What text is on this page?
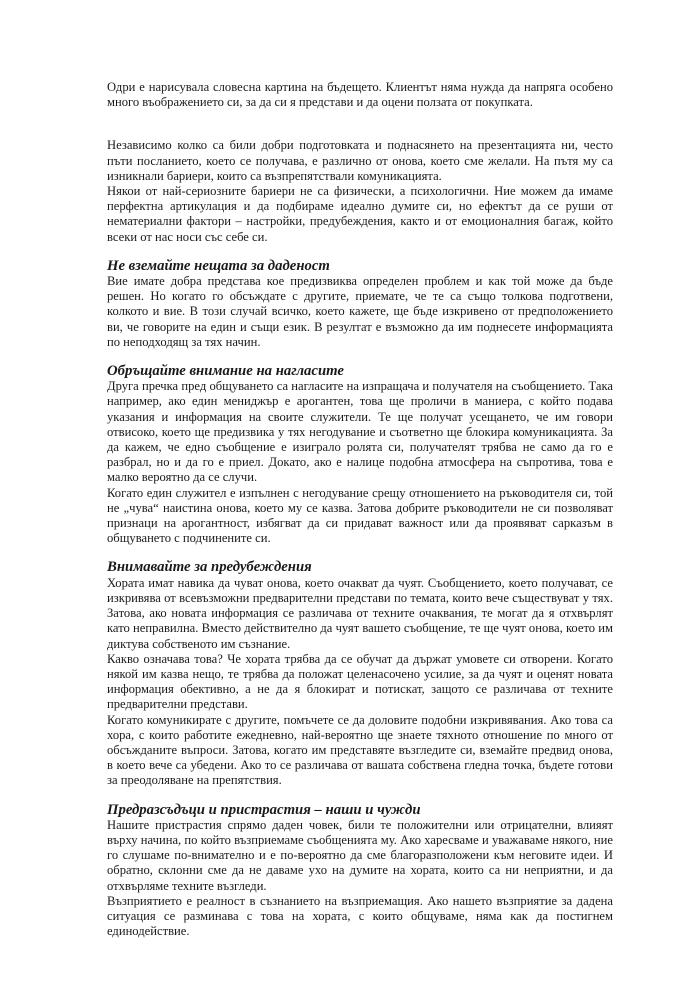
Одри е нарисувала словесна картина на бъдещето. Клиентът няма нужда да напряга особено много въображението си, за да си я представи и да оцени ползата от покупката.

Независимо колко са били добри подготовката и поднасянето на презентацията ни, често пъти посланието, което се получава, е различно от онова, което сме желали. На пътя му са изникнали бариери, които са възпрепятствали комуникацията.

Някои от най-сериозните бариери не са физически, а психологични. Ние можем да имаме перфектна артикулация и да подбираме идеално думите си, но ефектът да се руши от нематериални фактори – настройки, предубеждения, както и от емоционалния багаж, който всеки от нас носи със себе си.

Не вземайте нещата за даденост

Вие имате добра представа кое предизвиква определен проблем и как той може да бъде решен. Но когато го обсъждате с другите, приемате, че те са също толкова подготвени, колкото и вие. В този случай всичко, което кажете, ще бъде изкривено от предположението ви, че говорите на един и същи език. В резултат е възможно да им поднесете информацията по неподходящ за тях начин.

Обръщайте внимание на нагласите

Друга пречка пред общуването са нагласите на изпращача и получателя на съобщението. Така например, ако един мениджър е арогантен, това ще проличи в маниера, с който подава указания и информация на своите служители. Те ще получат усещането, че им говори отвисоко, което ще предизвика у тях негодувание и съответно ще блокира комуникацията. За да кажем, че едно съобщение е изиграло ролята си, получателят трябва не само да го е разбрал, но и да го е приел. Докато, ако е налице подобна атмосфера на съпротива, това е малко вероятно да се случи.

Когато един служител е изпълнен с негодувание срещу отношението на ръководителя си, той не „чува“ наистина онова, което му се казва. Затова добрите ръководители не си позволяват признаци на арогантност, избягват да си придават важност или да проявяват сарказъм в общуването с подчинените си.

Внимавайте за предубеждения

Хората имат навика да чуват онова, което очакват да чуят. Съобщението, което получават, се изкривява от всевъзможни предварителни представи по темата, които вече съществуват у тях. Затова, ако новата информация се различава от техните очаквания, те могат да я отхвърлят като неправилна. Вместо действително да чуят вашето съобщение, те ще чуят онова, което им диктува собственото им съзнание.

Какво означава това? Че хората трябва да се обучат да държат умовете си отворени. Когато някой им казва нещо, те трябва да положат целенасочено усилие, за да чуят и оценят новата информация обективно, а не да я блокират и потискат, защото се различава от техните предварителни представи.

Когато комуникирате с другите, помъчете се да доловите подобни изкривявания. Ако това са хора, с които работите ежедневно, най-вероятно ще знаете тяхното отношение по много от обсъжданите въпроси. Затова, когато им представяте възгледите си, вземайте предвид онова, в което вече са убедени. Ако то се различава от вашата собствена гледна точка, бъдете готови за преодоляване на препятствия.

Предразсъдъци и пристрастия – наши и чужди

Нашите пристрастия спрямо даден човек, били те положителни или отрицателни, влияят върху начина, по който възприемаме съобщенията му. Ако харесваме и уважаваме някого, ние го слушаме по-внимателно и е по-вероятно да сме благоразположени към неговите идеи. И обратно, склонни сме да не даваме ухо на думите на хората, които са ни неприятни, и да отхвърляме техните възгледи.

Възприятието е реалност в съзнанието на възприемащия. Ако нашето възприятие за дадена ситуация се разминава с това на хората, с които общуваме, няма как да постигнем единодействие.
